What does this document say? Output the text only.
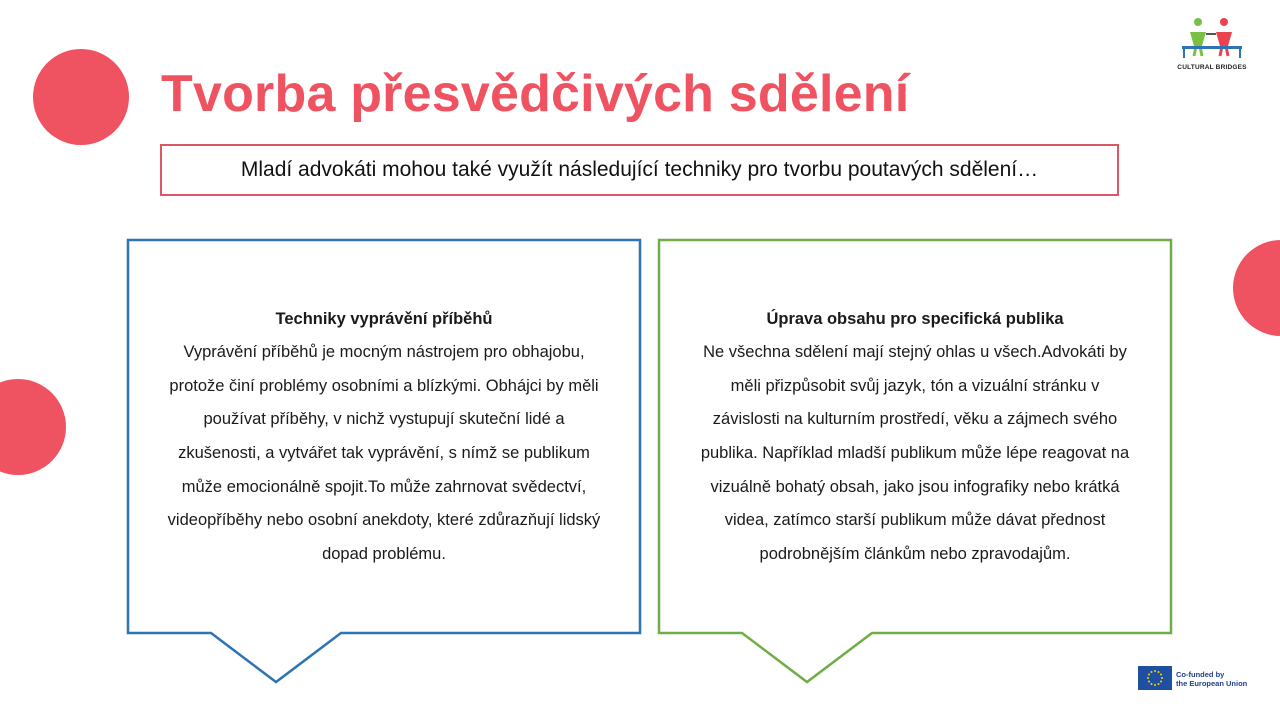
CULTURAL BRIDGES
Tvorba přesvědčivých sdělení
Mladí advokáti mohou také využít následující techniky pro tvorbu poutavých sdělení…
Techniky vyprávění příběhů
Vyprávění příběhů je mocným nástrojem pro obhajobu,
protože činí problémy osobními a blízkými. Obhájci by měli
používat příběhy, v nichž vystupují skuteční lidé a
zkušenosti, a vytvářet tak vyprávění, s nímž se publikum
může emocionálně spojit.To může zahrnovat svědectví,
videopříběhy nebo osobní anekdoty, které zdůrazňují lidský
dopad problému.
Úprava obsahu pro specifická publika
Ne všechna sdělení mají stejný ohlas u všech.Advokáti by
měli přizpůsobit svůj jazyk, tón a vizuální stránku v
závislosti na kulturním prostředí, věku a zájmech svého
publika. Například mladší publikum může lépe reagovat na
vizuálně bohatý obsah, jako jsou infografiky nebo krátká
videa, zatímco starší publikum může dávat přednost
podrobnějším článkům nebo zpravodajům.
Co-funded by
the European Union
